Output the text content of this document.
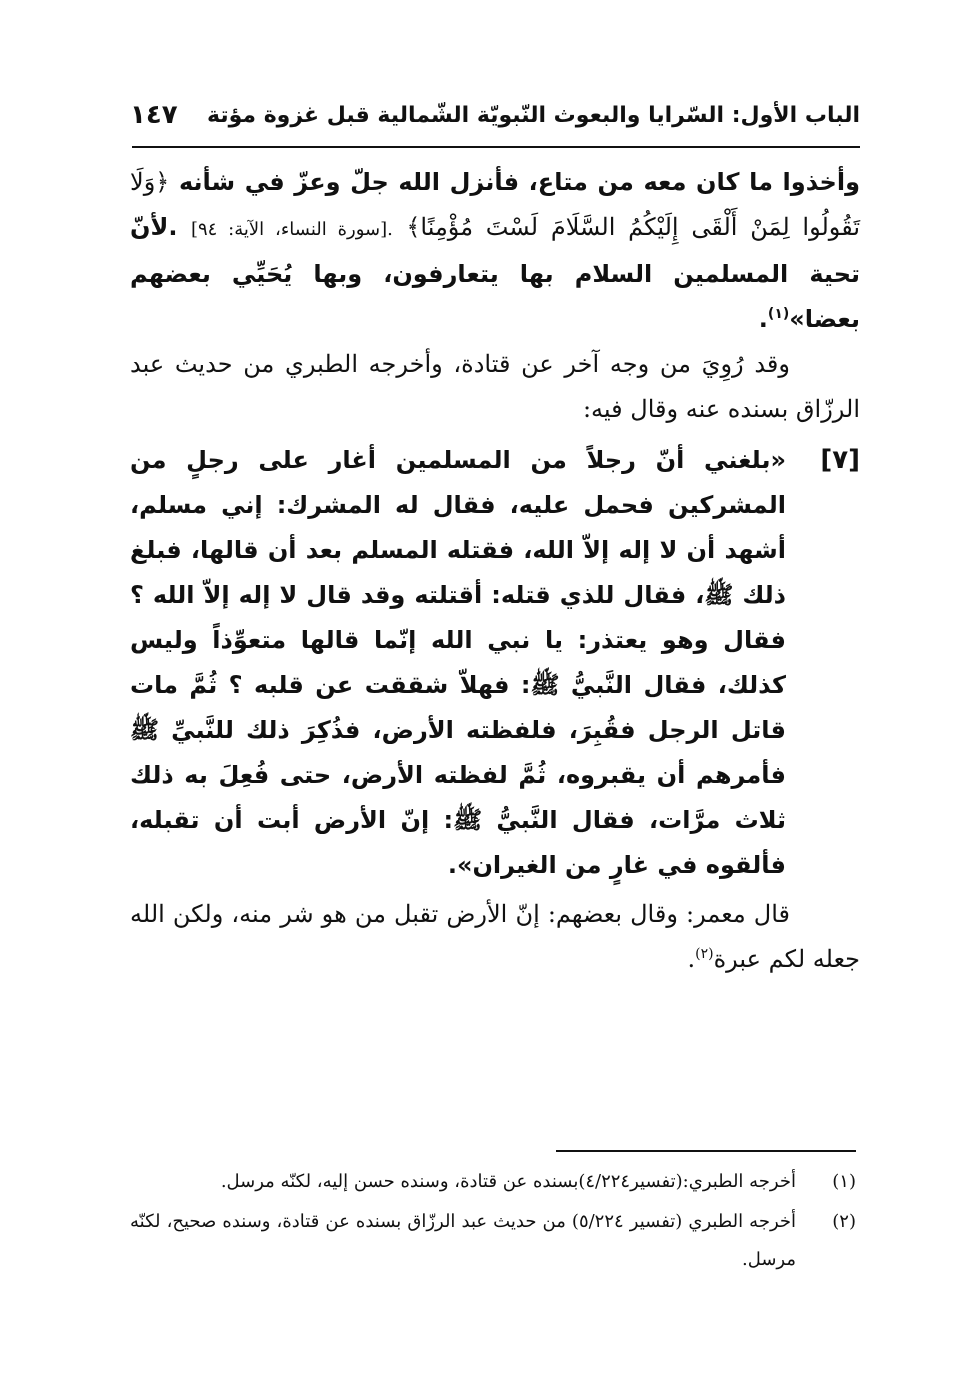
الباب الأول: السّرايا والبعوث النّبويّة الشّمالية قبل غزوة مؤتة
١٤٧

وأخذوا ما كان معه من متاع، فأنزل الله جلّ وعزّ في شأنه ﴿وَلَا تَقُولُوا لِمَنْ أَلْقَى إِلَيْكُمُ السَّلَامَ لَسْتَ مُؤْمِنًا﴾ .[سورة النساء، الآية: ٩٤] .لأنّ تحية المسلمين السلام بها يتعارفون، وبها يُحَيِّي بعضهم بعضا»$^{(١)}$.

وقد رُوِيَ من وجه آخر عن قتادة، وأخرجه الطبري من حديث عبد الرزّاق بسنده عنه وقال فيه:

[٧]

«بلغني أنّ رجلاً من المسلمين أغار على رجلٍ من المشركين فحمل عليه، فقال له المشرك: إني مسلم، أشهد أن لا إله إلاّ الله، فقتله المسلم بعد أن قالها، فبلغ ذلك ﷺ، فقال للذي قتله: أقتلته وقد قال لا إله إلاّ الله ؟ فقال وهو يعتذر: يا نبي الله إنّما قالها متعوِّذاً وليس كذلك، فقال النَّبيُّ ﷺ: فهلاّ شققت عن قلبه ؟ ثُمَّ مات قاتل الرجل فقُبِرَ، فلفظته الأرض، فذُكِرَ ذلك للنَّبيِّ ﷺ فأمرهم أن يقبروه، ثُمَّ لفظته الأرض، حتى فُعِلَ به ذلك ثلاث مرَّات، فقال النَّبيُّ ﷺ: إنّ الأرض أبت أن تقبله، فألقوه في غارٍ من الغيران».

قال معمر: وقال بعضهم: إنّ الأرض تقبل من هو شر منه، ولكن الله جعله لكم عبرة$^{(٢)}$.

(١)
أخرجه الطبري:(تفسير٤/٢٢٤)بسنده عن قتادة، وسنده حسن إليه، لكنّه مرسل.

(٢)
أخرجه الطبري (تفسير ٥/٢٢٤) من حديث عبد الرزّاق بسنده عن قتادة، وسنده صحيح، لكنّه مرسل.
